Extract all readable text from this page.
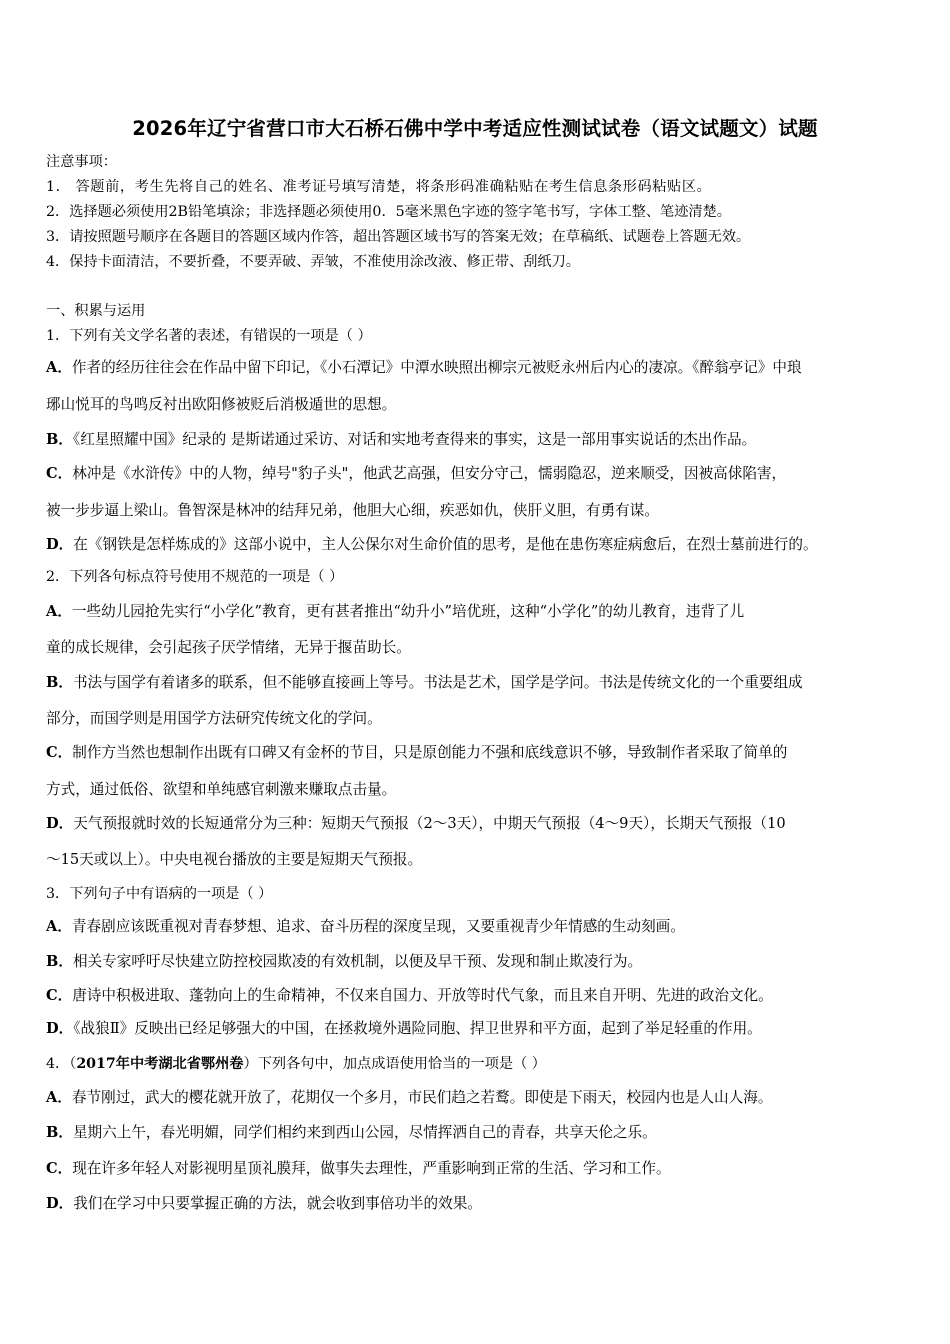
2026年辽宁省营口市大石桥石佛中学中考适应性测试试卷（语文试题文）试题
注意事项：
1． 答题前，考生先将自己的姓名、准考证号填写清楚，将条形码准确粘贴在考生信息条形码粘贴区。
2．选择题必须使用2B铅笔填涂；非选择题必须使用0．5毫米黑色字迹的签字笔书写，字体工整、笔迹清楚。
3．请按照题号顺序在各题目的答题区域内作答，超出答题区域书写的答案无效；在草稿纸、试题卷上答题无效。
4．保持卡面清洁，不要折叠，不要弄破、弄皱，不准使用涂改液、修正带、刮纸刀。
一、积累与运用
1．下列有关文学名著的表述，有错误的一项是（ ）
A．作者的经历往往会在作品中留下印记，《小石潭记》中潭水映照出柳宗元被贬永州后内心的凄凉。《醉翁亭记》中琅
琊山悦耳的鸟鸣反衬出欧阳修被贬后消极遁世的思想。
B．《红星照耀中国》纪录的 是斯诺通过采访、对话和实地考查得来的事实，这是一部用事实说话的杰出作品。
C．林冲是《水浒传》中的人物，绰号"豹子头"，他武艺高强，但安分守己，懦弱隐忍，逆来顺受，因被高俅陷害，
被一步步逼上梁山。鲁智深是林冲的结拜兄弟，他胆大心细，疾恶如仇，侠肝义胆，有勇有谋。
D．在《钢铁是怎样炼成的》这部小说中，主人公保尔对生命价值的思考，是他在患伤寒症病愈后，在烈士墓前进行的。
2．下列各句标点符号使用不规范的一项是（ ）
A．一些幼儿园抢先实行“小学化”教育，更有甚者推出“幼升小”培优班，这种“小学化”的幼儿教育，违背了儿
童的成长规律，会引起孩子厌学情绪，无异于揠苗助长。
B．书法与国学有着诸多的联系，但不能够直接画上等号。书法是艺术，国学是学问。书法是传统文化的一个重要组成
部分，而国学则是用国学方法研究传统文化的学问。
C．制作方当然也想制作出既有口碑又有金杯的节目，只是原创能力不强和底线意识不够，导致制作者采取了简单的
方式，通过低俗、欲望和单纯感官刺激来赚取点击量。
D．天气预报就时效的长短通常分为三种：短期天气预报（2～3天），中期天气预报（4～9天），长期天气预报（10
～15天或以上）。中央电视台播放的主要是短期天气预报。
3．下列句子中有语病的一项是（ ）
A．青春剧应该既重视对青春梦想、追求、奋斗历程的深度呈现，又要重视青少年情感的生动刻画。
B．相关专家呼吁尽快建立防控校园欺凌的有效机制，以便及早干预、发现和制止欺凌行为。
C．唐诗中积极进取、蓬勃向上的生命精神，不仅来自国力、开放等时代气象，而且来自开明、先进的政治文化。
D．《战狼Ⅱ》反映出已经足够强大的中国，在拯救境外遇险同胞、捍卫世界和平方面，起到了举足轻重的作用。
4．（2017年中考湖北省鄂州卷）下列各句中，加点成语使用恰当的一项是（ ）
A．春节刚过，武大的樱花就开放了，花期仅一个多月，市民们趋之若鹜。即使是下雨天，校园内也是人山人海。
B．星期六上午，春光明媚，同学们相约来到西山公园，尽情挥洒自己的青春，共享天伦之乐。
C．现在许多年轻人对影视明星顶礼膜拜，做事失去理性，严重影响到正常的生活、学习和工作。
D．我们在学习中只要掌握正确的方法，就会收到事倍功半的效果。
